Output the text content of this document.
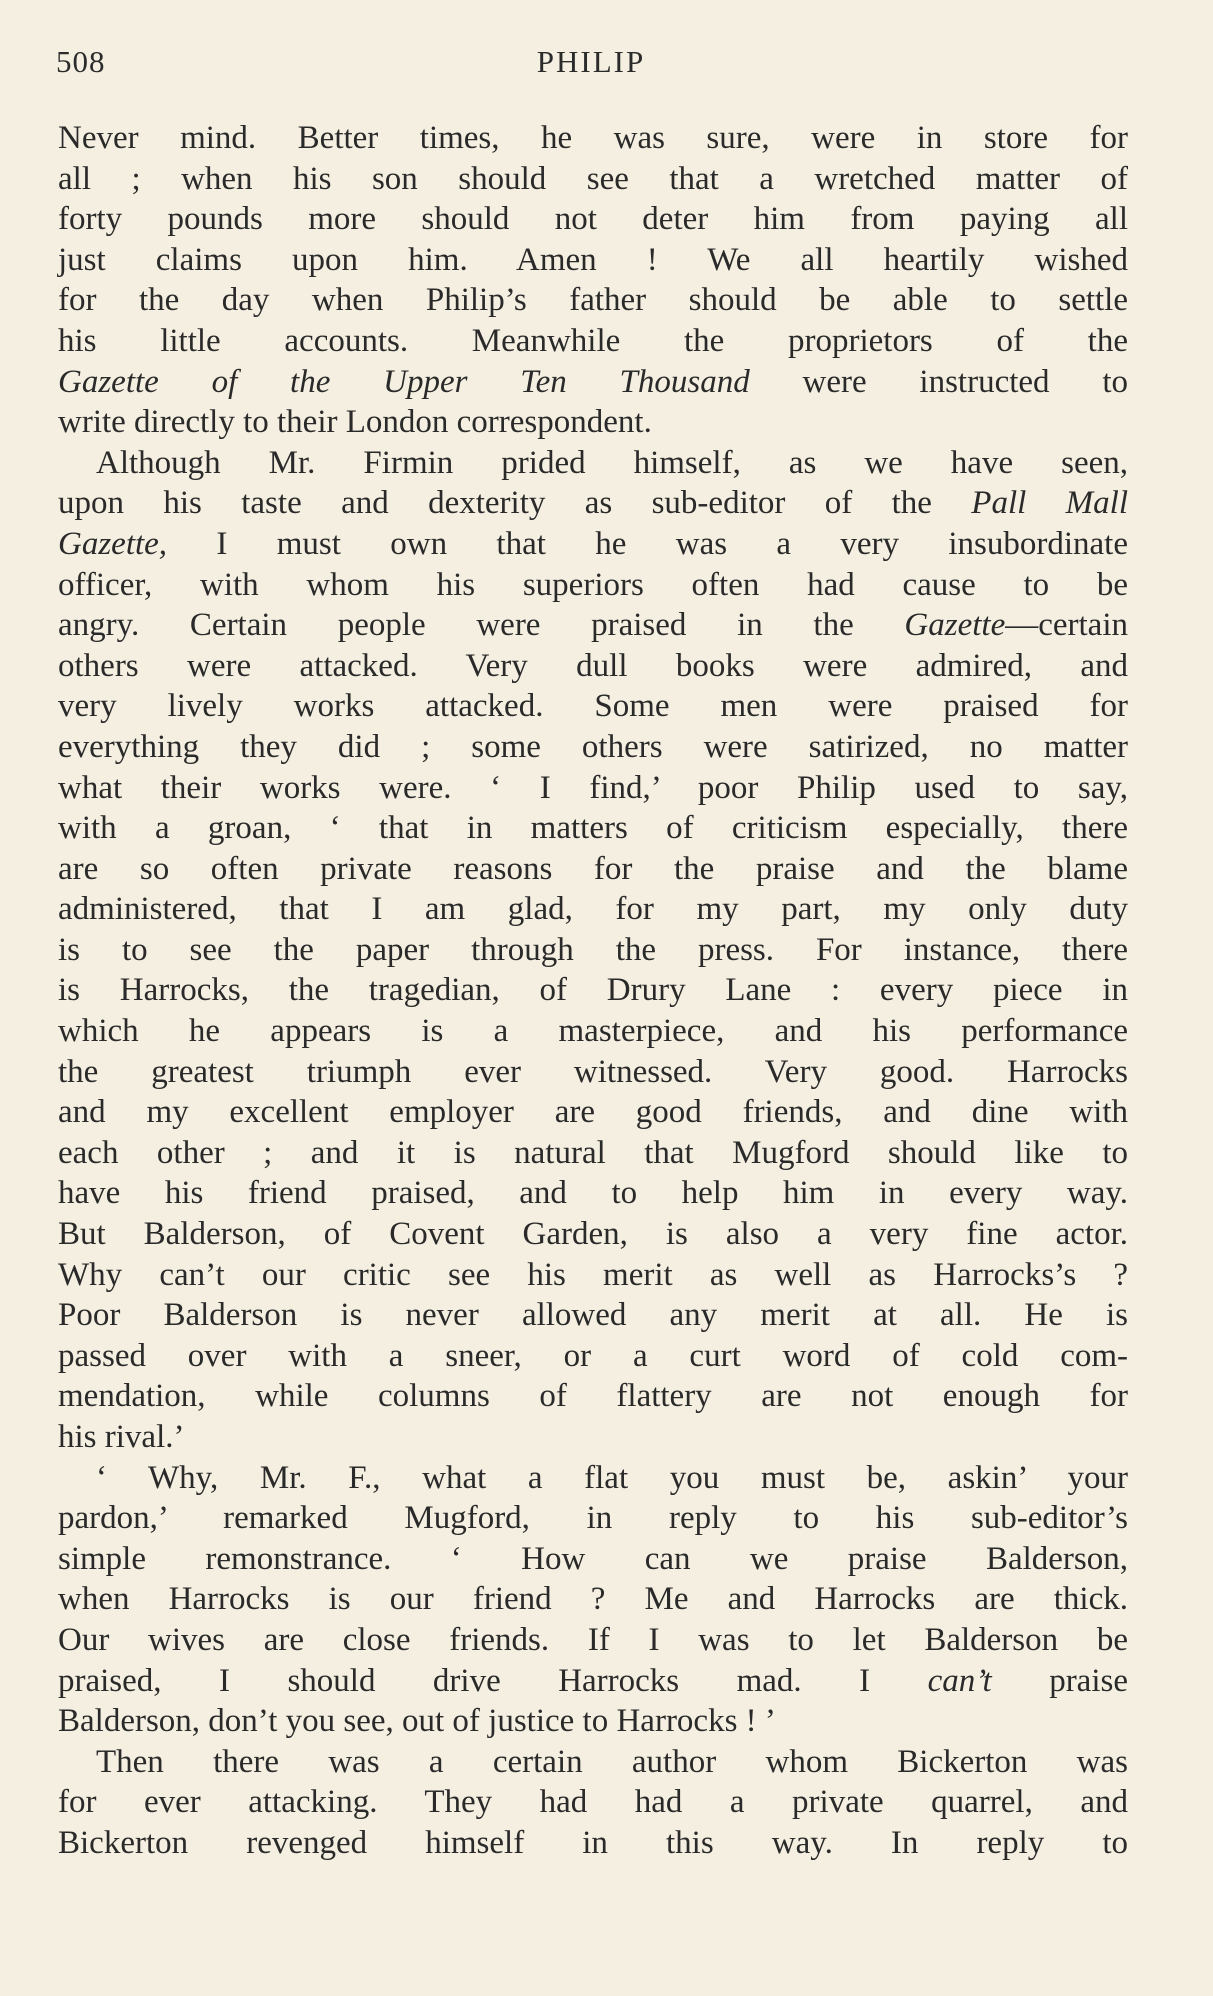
508	PHILIP
Never mind. Better times, he was sure, were in store for
all ; when his son should see that a wretched matter of
forty pounds more should not deter him from paying all
just claims upon him. Amen ! We all heartily wished
for the day when Philip’s father should be able to settle
his little accounts. Meanwhile the proprietors of the
Gazette of the Upper Ten Thousand were instructed to
write directly to their London correspondent.
Although Mr. Firmin prided himself, as we have seen,
upon his taste and dexterity as sub-editor of the Pall Mall
Gazette, I must own that he was a very insubordinate
officer, with whom his superiors often had cause to be
angry. Certain people were praised in the Gazette—certain
others were attacked. Very dull books were admired, and
very lively works attacked. Some men were praised for
everything they did ; some others were satirized, no matter
what their works were. ‘ I find,’ poor Philip used to say,
with a groan, ‘ that in matters of criticism especially, there
are so often private reasons for the praise and the blame
administered, that I am glad, for my part, my only duty
is to see the paper through the press. For instance, there
is Harrocks, the tragedian, of Drury Lane : every piece in
which he appears is a masterpiece, and his performance
the greatest triumph ever witnessed. Very good. Harrocks
and my excellent employer are good friends, and dine with
each other ; and it is natural that Mugford should like to
have his friend praised, and to help him in every way.
But Balderson, of Covent Garden, is also a very fine actor.
Why can’t our critic see his merit as well as Harrocks’s ?
Poor Balderson is never allowed any merit at all. He is
passed over with a sneer, or a curt word of cold com-
mendation, while columns of flattery are not enough for
his rival.’
‘ Why, Mr. F., what a flat you must be, askin’ your
pardon,’ remarked Mugford, in reply to his sub-editor’s
simple remonstrance. ‘ How can we praise Balderson,
when Harrocks is our friend ? Me and Harrocks are thick.
Our wives are close friends. If I was to let Balderson be
praised, I should drive Harrocks mad. I can’t praise
Balderson, don’t you see, out of justice to Harrocks ! ’
Then there was a certain author whom Bickerton was
for ever attacking. They had had a private quarrel, and
Bickerton revenged himself in this way. In reply to
